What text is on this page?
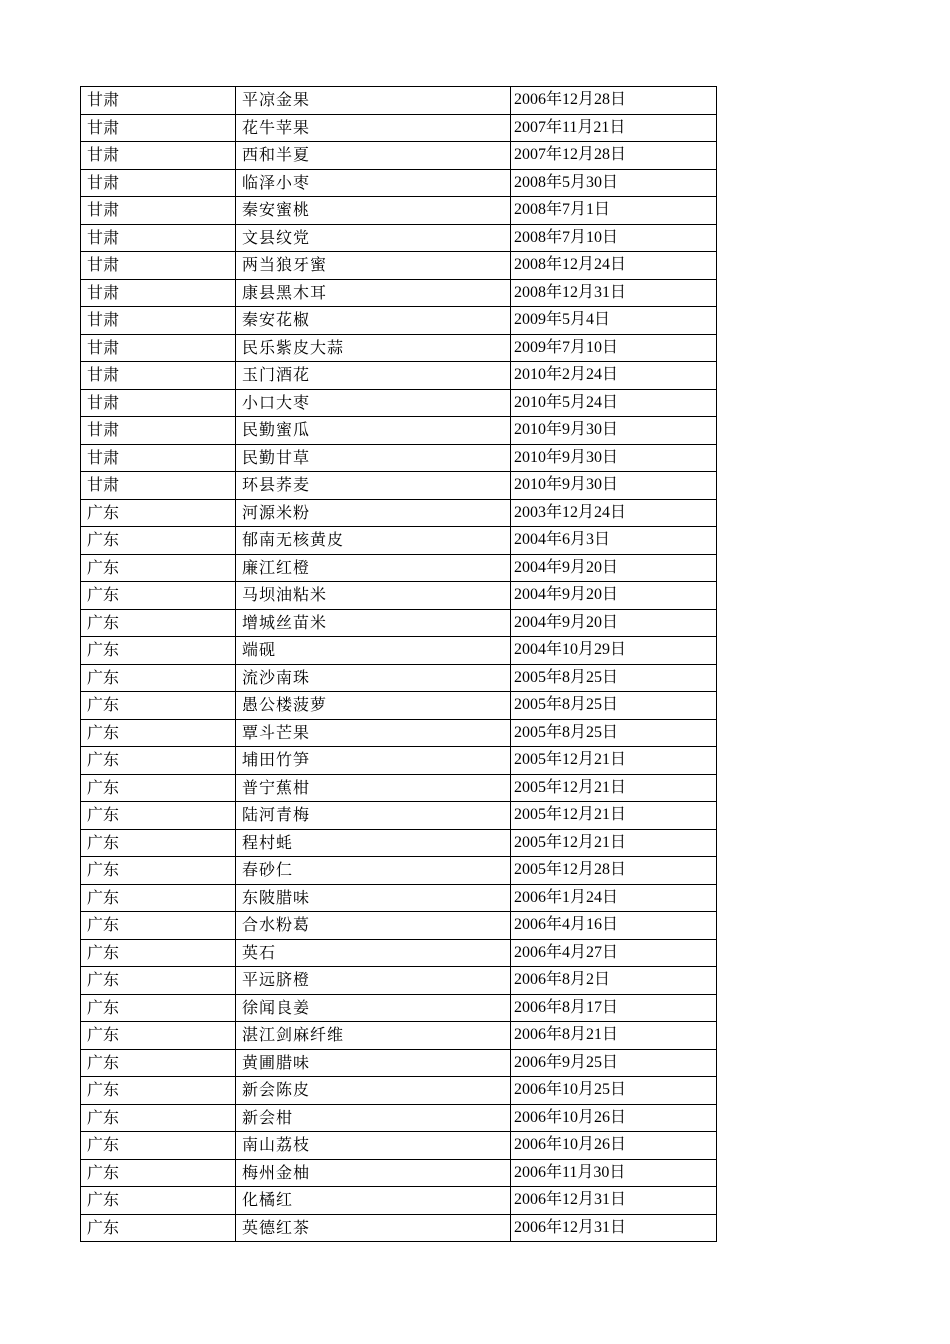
甘肃	平凉金果	2006年12月28日
甘肃	花牛苹果	2007年11月21日
甘肃	西和半夏	2007年12月28日
甘肃	临泽小枣	2008年5月30日
甘肃	秦安蜜桃	2008年7月1日
甘肃	文县纹党	2008年7月10日
甘肃	两当狼牙蜜	2008年12月24日
甘肃	康县黑木耳	2008年12月31日
甘肃	秦安花椒	2009年5月4日
甘肃	民乐紫皮大蒜	2009年7月10日
甘肃	玉门酒花	2010年2月24日
甘肃	小口大枣	2010年5月24日
甘肃	民勤蜜瓜	2010年9月30日
甘肃	民勤甘草	2010年9月30日
甘肃	环县荞麦	2010年9月30日
广东	河源米粉	2003年12月24日
广东	郁南无核黄皮	2004年6月3日
广东	廉江红橙	2004年9月20日
广东	马坝油粘米	2004年9月20日
广东	增城丝苗米	2004年9月20日
广东	端砚	2004年10月29日
广东	流沙南珠	2005年8月25日
广东	愚公楼菠萝	2005年8月25日
广东	覃斗芒果	2005年8月25日
广东	埔田竹笋	2005年12月21日
广东	普宁蕉柑	2005年12月21日
广东	陆河青梅	2005年12月21日
广东	程村蚝	2005年12月21日
广东	春砂仁	2005年12月28日
广东	东陂腊味	2006年1月24日
广东	合水粉葛	2006年4月16日
广东	英石	2006年4月27日
广东	平远脐橙	2006年8月2日
广东	徐闻良姜	2006年8月17日
广东	湛江剑麻纤维	2006年8月21日
广东	黄圃腊味	2006年9月25日
广东	新会陈皮	2006年10月25日
广东	新会柑	2006年10月26日
广东	南山荔枝	2006年10月26日
广东	梅州金柚	2006年11月30日
广东	化橘红	2006年12月31日
广东	英德红茶	2006年12月31日
